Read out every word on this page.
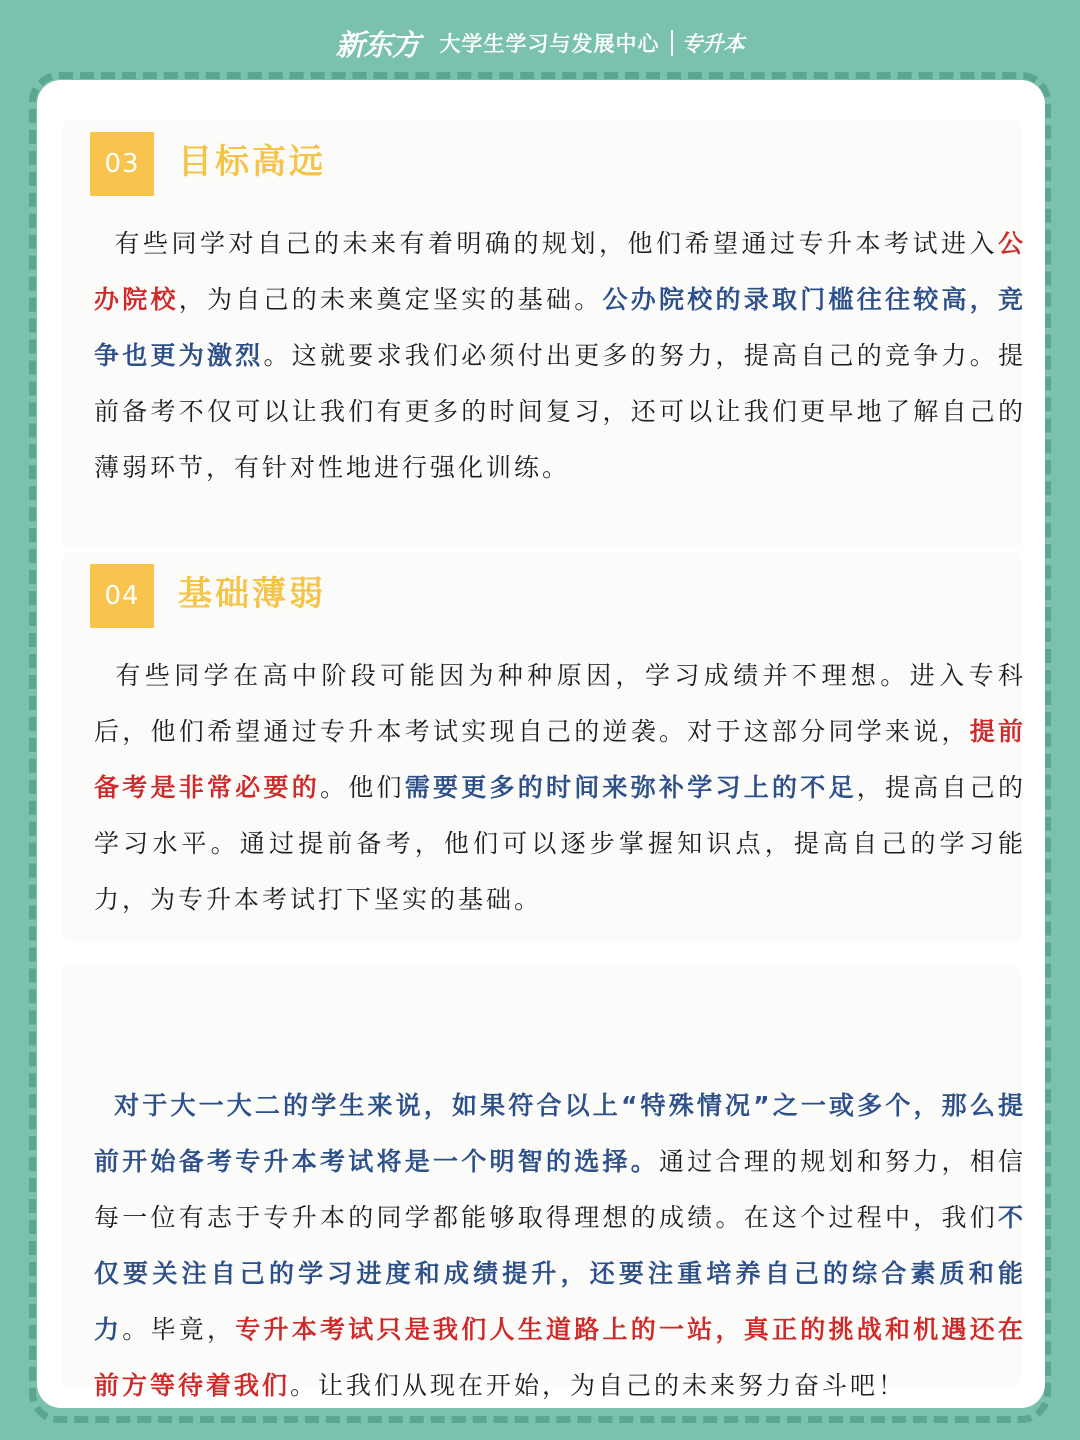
新东方 大学生学习与发展中心 专升本
03	目标高远

有些同学对自己的未来有着明确的规划，他们希望通过专升本考试进入公办院校，为自己的未来奠定坚实的基础。公办院校的录取门槛往往较高，竞争也更为激烈。这就要求我们必须付出更多的努力，提高自己的竞争力。提前备考不仅可以让我们有更多的时间复习，还可以让我们更早地了解自己的薄弱环节，有针对性地进行强化训练。

04	基础薄弱

有些同学在高中阶段可能因为种种原因，学习成绩并不理想。进入专科后，他们希望通过专升本考试实现自己的逆袭。对于这部分同学来说，提前备考是非常必要的。他们需要更多的时间来弥补学习上的不足，提高自己的学习水平。通过提前备考，他们可以逐步掌握知识点，提高自己的学习能力，为专升本考试打下坚实的基础。

对于大一大二的学生来说，如果符合以上“特殊情况”之一或多个，那么提前开始备考专升本考试将是一个明智的选择。通过合理的规划和努力，相信每一位有志于专升本的同学都能够取得理想的成绩。在这个过程中，我们不仅要关注自己的学习进度和成绩提升，还要注重培养自己的综合素质和能力。毕竟，专升本考试只是我们人生道路上的一站，真正的挑战和机遇还在前方等待着我们。让我们从现在开始，为自己的未来努力奋斗吧！
